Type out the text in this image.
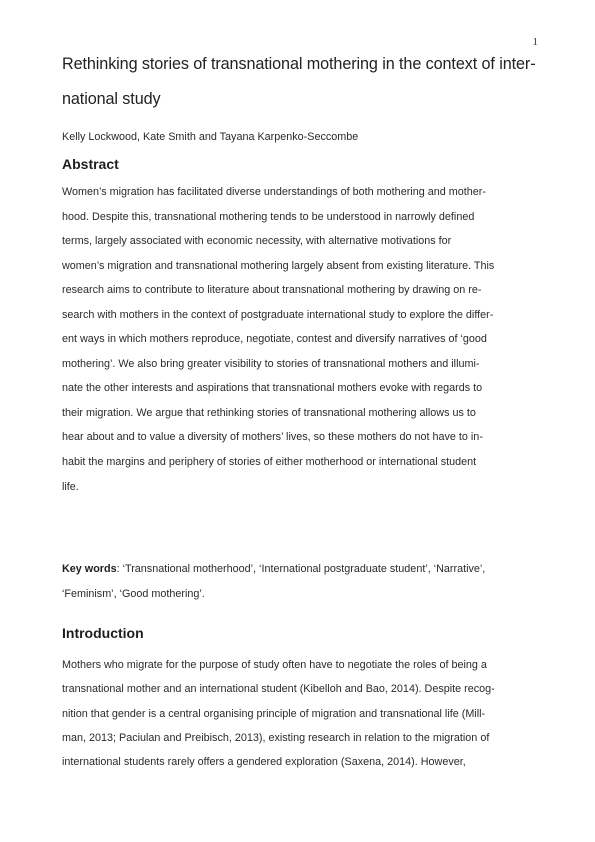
1
Rethinking stories of transnational mothering in the context of inter-
national study
Kelly Lockwood, Kate Smith and Tayana Karpenko-Seccombe
Abstract
Women’s migration has facilitated diverse understandings of both mothering and mother-
hood. Despite this, transnational mothering tends to be understood in narrowly defined
terms, largely associated with economic necessity, with alternative motivations for
women’s migration and transnational mothering largely absent from existing literature. This
research aims to contribute to literature about transnational mothering by drawing on re-
search with mothers in the context of postgraduate international study to explore the differ-
ent ways in which mothers reproduce, negotiate, contest and diversify narratives of ‘good
mothering’. We also bring greater visibility to stories of transnational mothers and illumi-
nate the other interests and aspirations that transnational mothers evoke with regards to
their migration. We argue that rethinking stories of transnational mothering allows us to
hear about and to value a diversity of mothers’ lives, so these mothers do not have to in-
habit the margins and periphery of stories of either motherhood or international student
life.
Key words: ‘Transnational motherhood’, ‘International postgraduate student’, ‘Narrative’,
‘Feminism’, ‘Good mothering’.
Introduction
Mothers who migrate for the purpose of study often have to negotiate the roles of being a
transnational mother and an international student (Kibelloh and Bao, 2014). Despite recog-
nition that gender is a central organising principle of migration and transnational life (Mill-
man, 2013; Paciulan and Preibisch, 2013), existing research in relation to the migration of
international students rarely offers a gendered exploration (Saxena, 2014). However,
